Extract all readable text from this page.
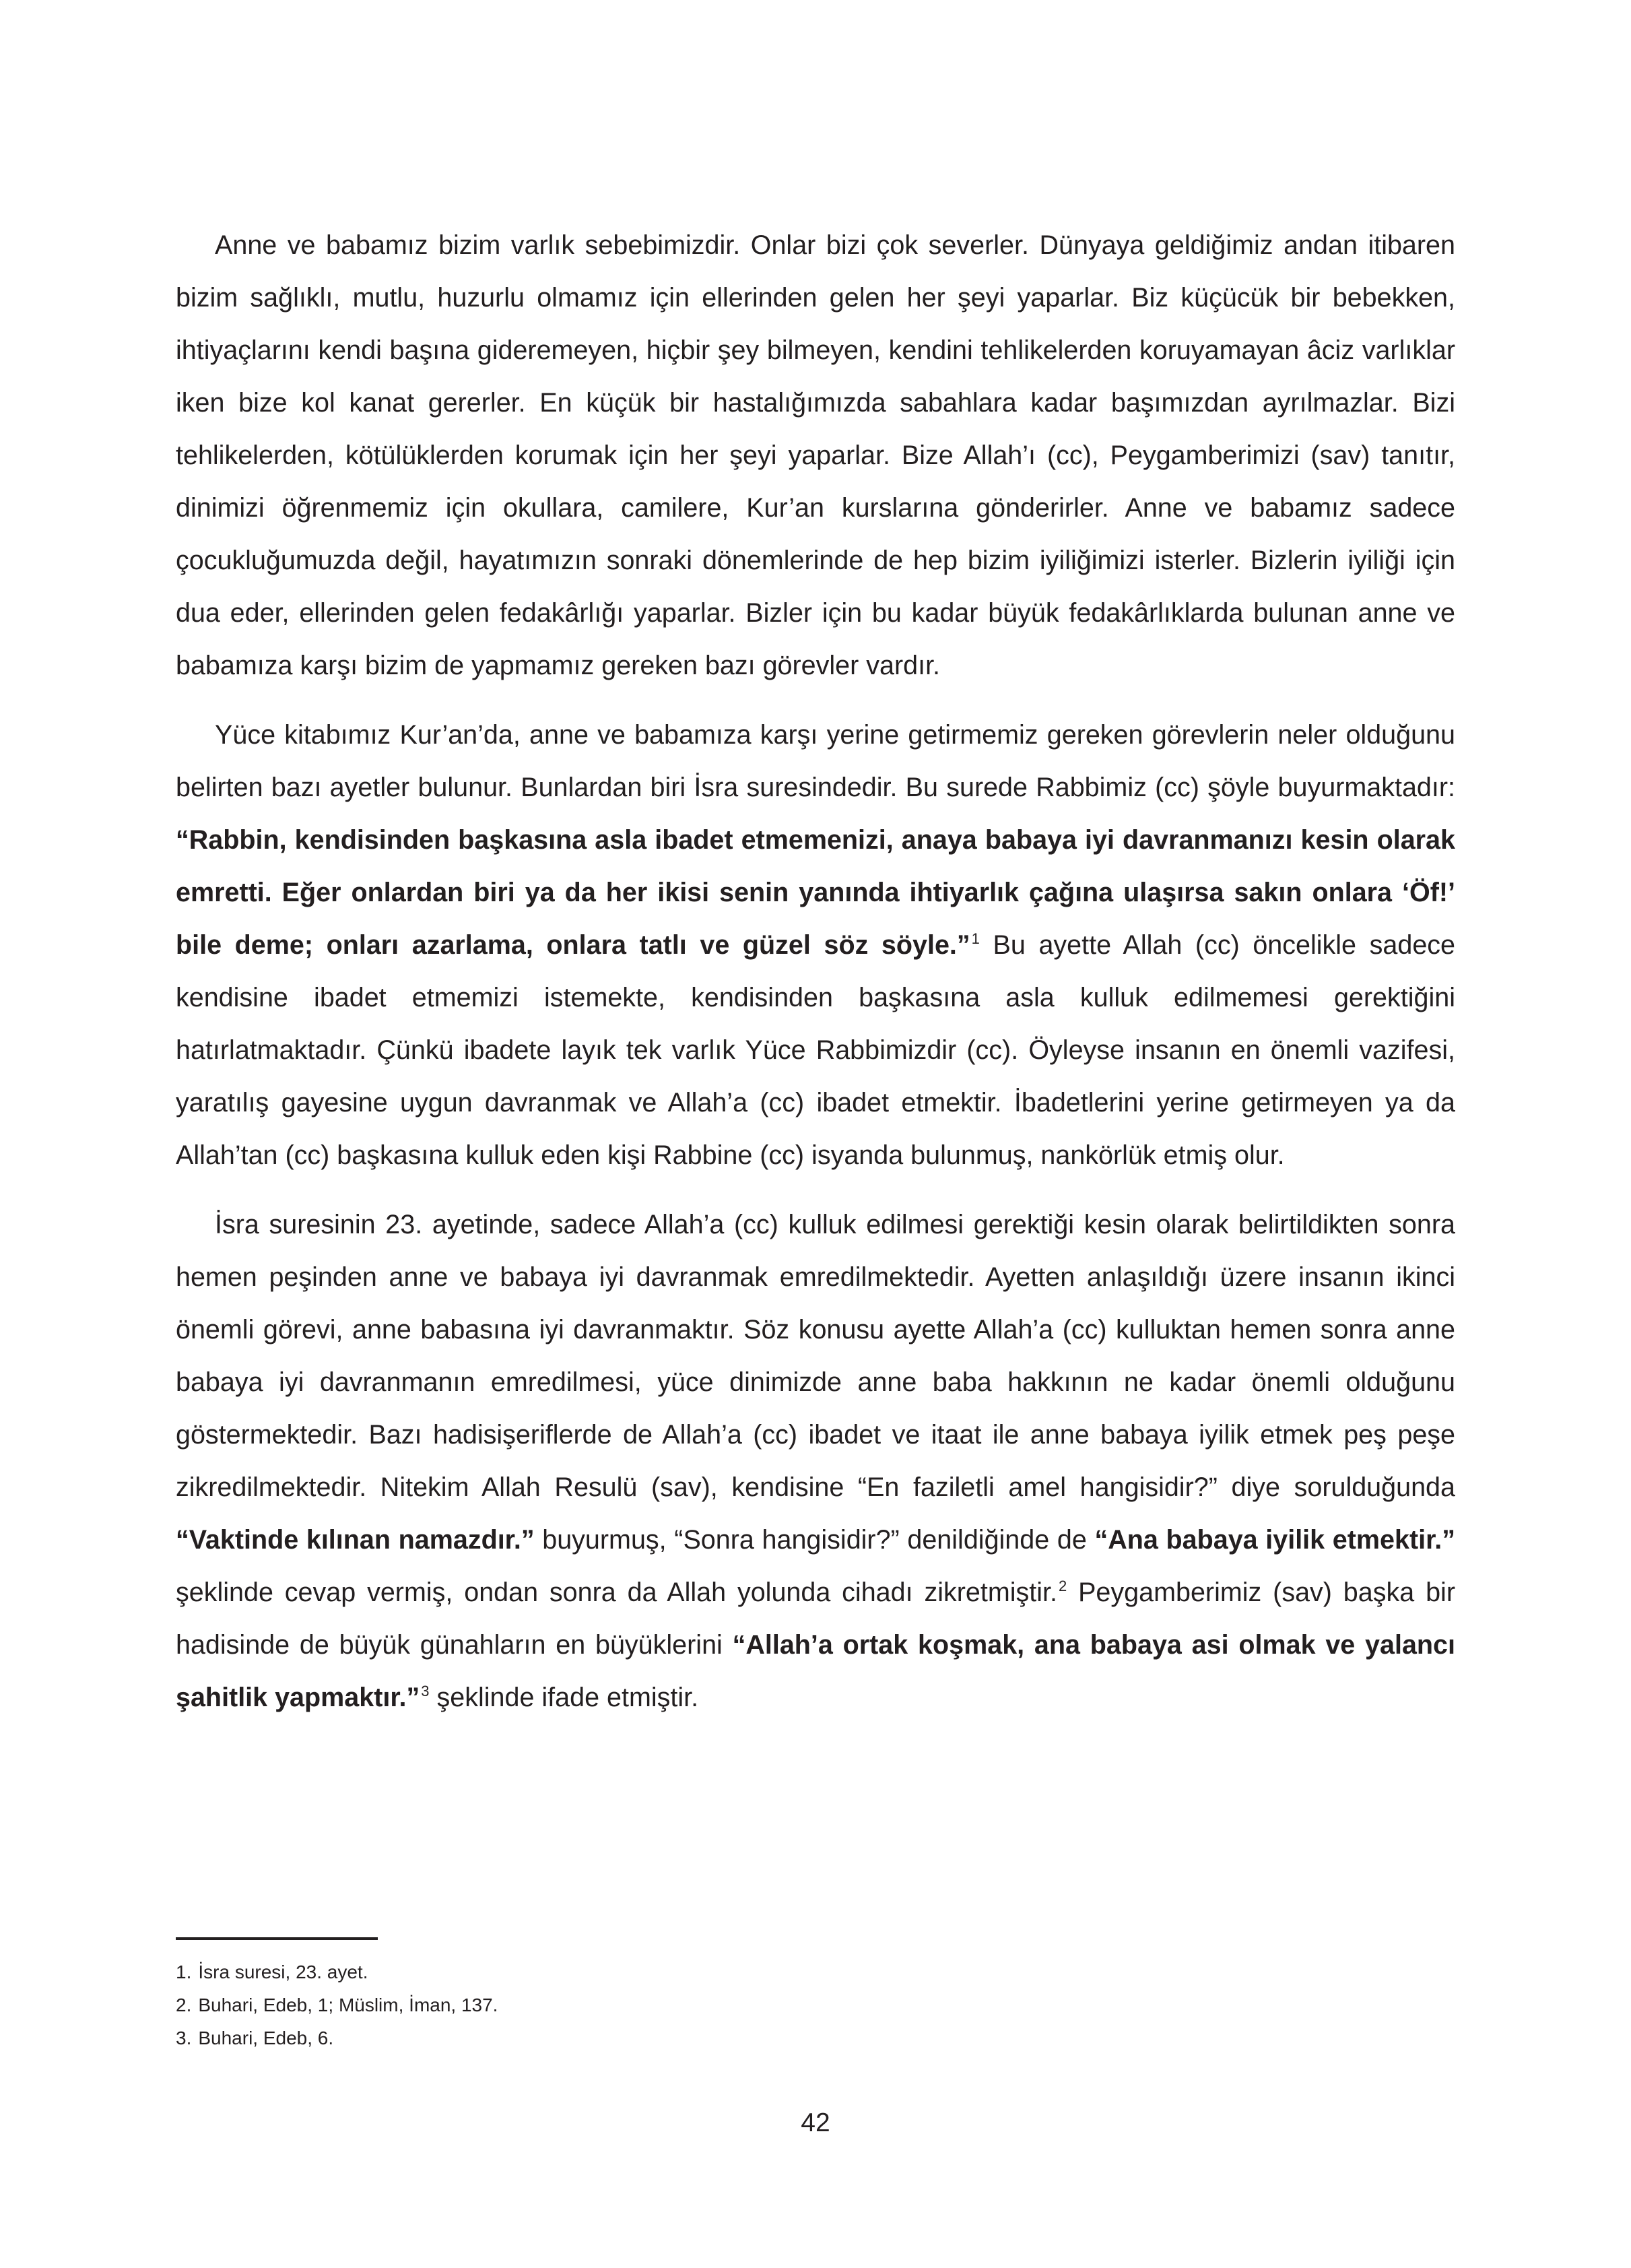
Anne ve babamız bizim varlık sebebimizdir. Onlar bizi çok severler. Dünyaya geldiğimiz andan itibaren bizim sağlıklı, mutlu, huzurlu olmamız için ellerinden gelen her şeyi yaparlar. Biz küçücük bir bebekken, ihtiyaçlarını kendi başına gideremeyen, hiçbir şey bilmeyen, kendini tehlikelerden koruyamayan âciz varlıklar iken bize kol kanat gererler. En küçük bir hastalığımızda sabahlara kadar başımızdan ayrılmazlar. Bizi tehlikelerden, kötülüklerden korumak için her şeyi yaparlar. Bize Allah’ı (cc), Peygamberimizi (sav) tanıtır, dinimizi öğrenmemiz için okullara, camilere, Kur’an kurslarına gönderirler. Anne ve babamız sadece çocukluğumuzda değil, hayatımızın sonraki dönemlerinde de hep bizim iyiliğimizi isterler. Bizlerin iyiliği için dua eder, ellerinden gelen fedakârlığı yaparlar. Bizler için bu kadar büyük fedakârlıklarda bulunan anne ve babamıza karşı bizim de yapmamız gereken bazı görevler vardır.

Yüce kitabımız Kur’an’da, anne ve babamıza karşı yerine getirmemiz gereken görevlerin neler olduğunu belirten bazı ayetler bulunur. Bunlardan biri İsra suresindedir. Bu surede Rabbimiz (cc) şöyle buyurmaktadır: “Rabbin, kendisinden başkasına asla ibadet etmemenizi, anaya babaya iyi davranmanızı kesin olarak emretti. Eğer onlardan biri ya da her ikisi senin yanında ihtiyarlık çağına ulaşırsa sakın onlara ‘Öf!’ bile deme; onları azarlama, onlara tatlı ve güzel söz söyle.”$^1$ Bu ayette Allah (cc) öncelikle sadece kendisine ibadet etmemizi istemekte, kendisinden başkasına asla kulluk edilmemesi gerektiğini hatırlatmaktadır. Çünkü ibadete layık tek varlık Yüce Rabbimizdir (cc). Öyleyse insanın en önemli vazifesi, yaratılış gayesine uygun davranmak ve Allah’a (cc) ibadet etmektir. İbadetlerini yerine getirmeyen ya da Allah’tan (cc) başkasına kulluk eden kişi Rabbine (cc) isyanda bulunmuş, nankörlük etmiş olur.

İsra suresinin 23. ayetinde, sadece Allah’a (cc) kulluk edilmesi gerektiği kesin olarak belirtildikten sonra hemen peşinden anne ve babaya iyi davranmak emredilmektedir. Ayetten anlaşıldığı üzere insanın ikinci önemli görevi, anne babasına iyi davranmaktır. Söz konusu ayette Allah’a (cc) kulluktan hemen sonra anne babaya iyi davranmanın emredilmesi, yüce dinimizde anne baba hakkının ne kadar önemli olduğunu göstermektedir. Bazı hadisişeriflerde de Allah’a (cc) ibadet ve itaat ile anne babaya iyilik etmek peş peşe zikredilmektedir. Nitekim Allah Resulü (sav), kendisine “En faziletli amel hangisidir?” diye sorulduğunda “Vaktinde kılınan namazdır.” buyurmuş, “Sonra hangisidir?” denildiğinde de “Ana babaya iyilik etmektir.” şeklinde cevap vermiş, ondan sonra da Allah yolunda cihadı zikretmiştir.$^2$ Peygamberimiz (sav) başka bir hadisinde de büyük günahların en büyüklerini “Allah’a ortak koşmak, ana babaya asi olmak ve yalancı şahitlik yapmaktır.”$^3$ şeklinde ifade etmiştir.

1. İsra suresi, 23. ayet.
2. Buhari, Edeb, 1; Müslim, İman, 137.
3. Buhari, Edeb, 6.
42
